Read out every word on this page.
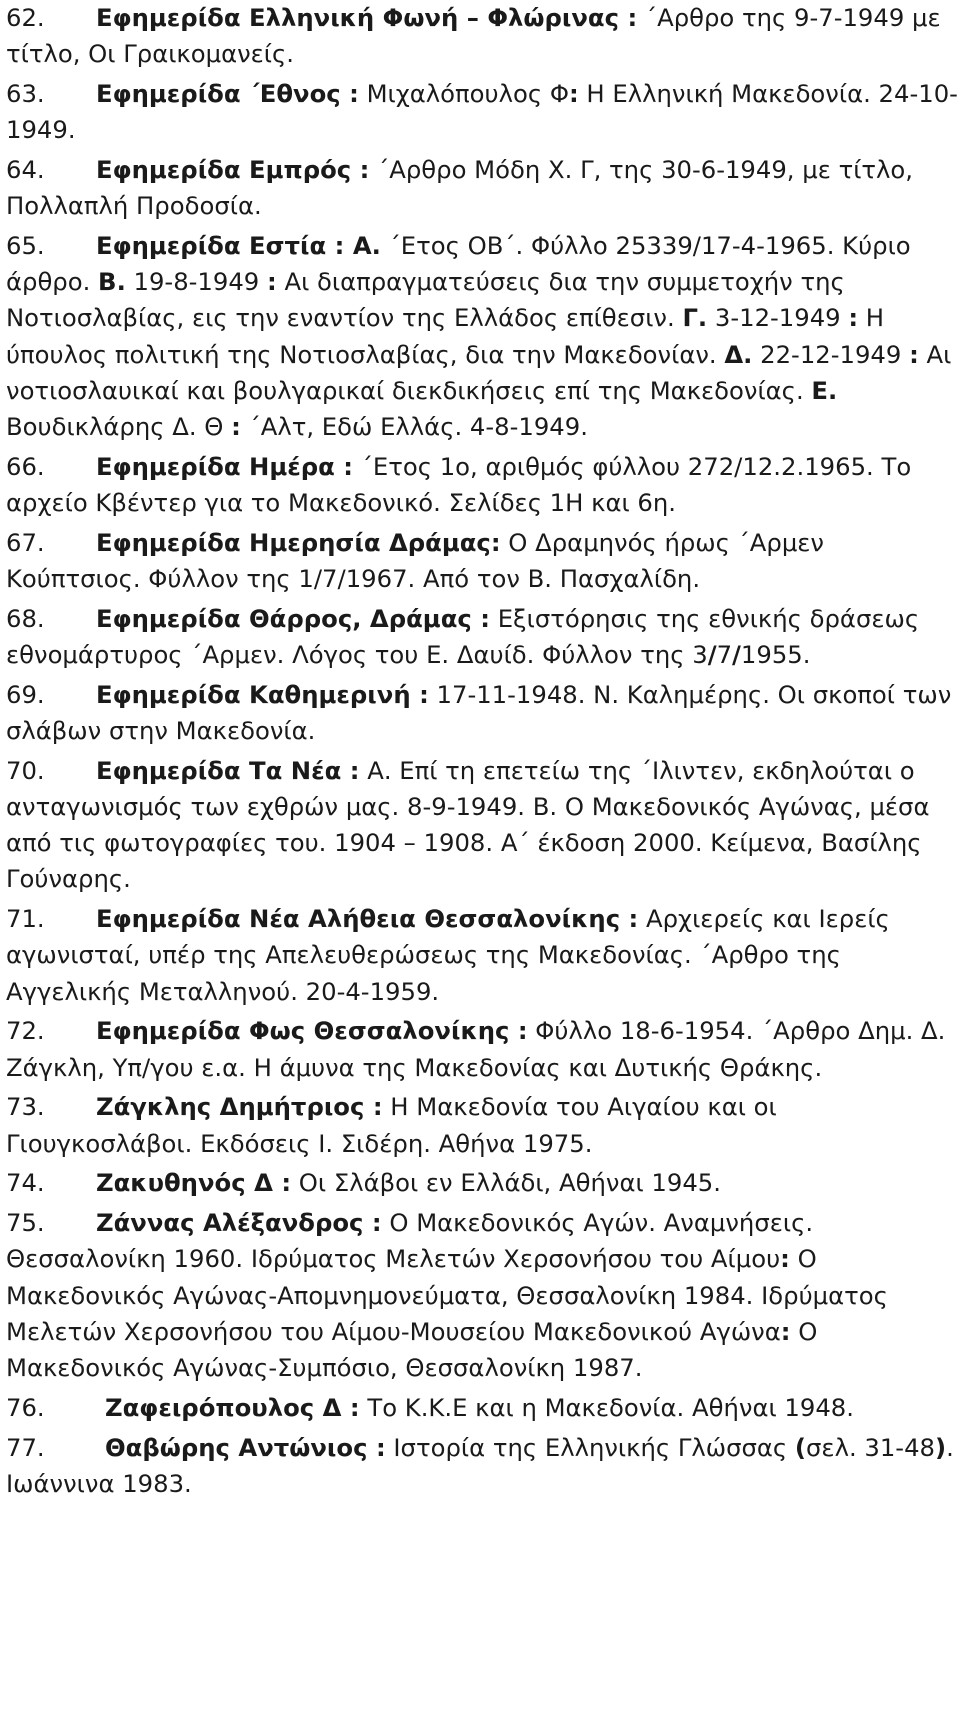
62. Εφημερίδα Ελληνική Φωνή – Φλώρινας : ΄Αρθρο της 9-7-1949 με τίτλο, Οι Γραικομανείς.

63. Εφημερίδα ΄Εθνος : Μιχαλόπουλος Φ: Η Ελληνική Μακεδονία. 24-10-1949.

64. Εφημερίδα Εμπρός : ΄Αρθρο Μόδη Χ. Γ, της 30-6-1949, με τίτλο, Πολλαπλή Προδοσία.

65. Εφημερίδα Εστία : Α. ΄Ετος ΟΒ΄. Φύλλο 25339/17-4-1965. Κύριο άρθρο. Β. 19-8-1949 : Αι διαπραγματεύσεις δια την συμμετοχήν της Νοτιοσλαβίας, εις την εναντίον της Ελλάδος επίθεσιν. Γ. 3-12-1949 : Η ύπουλος πολιτική της Νοτιοσλαβίας, δια την Μακεδονίαν. Δ. 22-12-1949 : Αι νοτιοσλαυικαί και βουλγαρικαί διεκδικήσεις επί της Μακεδονίας. Ε. Βουδικλάρης Δ. Θ : ΄Αλτ, Εδώ Ελλάς. 4-8-1949.

66. Εφημερίδα Ημέρα : ΄Ετος 1ο, αριθμός φύλλου 272/12.2.1965. Το αρχείο Κβέντερ για το Μακεδονικό. Σελίδες 1Η και 6η.

67. Εφημερίδα Ημερησία Δράμας: Ο Δραμηνός ήρως ΄Αρμεν Κούπτσιος. Φύλλον της 1/7/1967. Από τον Β. Πασχαλίδη.

68. Εφημερίδα Θάρρος, Δράμας : Εξιστόρησις της εθνικής δράσεως εθνομάρτυρος ΄Αρμεν. Λόγος του Ε. Δαυίδ. Φύλλον της 3/7/1955.

69. Εφημερίδα Καθημερινή : 17-11-1948. Ν. Καλημέρης. Οι σκοποί των σλάβων στην Μακεδονία.

70. Εφημερίδα Τα Νέα : Α. Επί τη επετείω της ΄Ιλιντεν, εκδηλούται ο ανταγωνισμός των εχθρών μας. 8-9-1949. Β. Ο Μακεδονικός Αγώνας, μέσα από τις φωτογραφίες του. 1904 – 1908. Α΄ έκδοση 2000. Κείμενα, Βασίλης Γούναρης.

71. Εφημερίδα Νέα Αλήθεια Θεσσαλονίκης : Αρχιερείς και Ιερείς αγωνισταί, υπέρ της Απελευθερώσεως της Μακεδονίας. ΄Αρθρο της Αγγελικής Μεταλληνού. 20-4-1959.

72. Εφημερίδα Φως Θεσσαλονίκης : Φύλλο 18-6-1954. ΄Αρθρο Δημ. Δ. Ζάγκλη, Υπ/γου ε.α. Η άμυνα της Μακεδονίας και Δυτικής Θράκης.

73. Ζάγκλης Δημήτριος : Η Μακεδονία του Αιγαίου και οι Γιουγκοσλάβοι. Εκδόσεις Ι. Σιδέρη. Αθήνα 1975.

74. Ζακυθηνός Δ : Οι Σλάβοι εν Ελλάδι, Αθήναι 1945.

75. Ζάννας Αλέξανδρος : Ο Μακεδονικός Αγών. Αναμνήσεις. Θεσσαλονίκη 1960. Ιδρύματος Μελετών Χερσονήσου του Αίμου: Ο Μακεδονικός Αγώνας-Απομνημονεύματα, Θεσσαλονίκη 1984. Ιδρύματος Μελετών Χερσονήσου του Αίμου-Μουσείου Μακεδονικού Αγώνα: Ο Μακεδονικός Αγώνας-Συμπόσιο, Θεσσαλονίκη 1987.

76. Ζαφειρόπουλος Δ : Το Κ.Κ.Ε και η Μακεδονία. Αθήναι 1948.

77. Θαβώρης Αντώνιος : Ιστορία της Ελληνικής Γλώσσας (σελ. 31-48). Ιωάννινα 1983.
